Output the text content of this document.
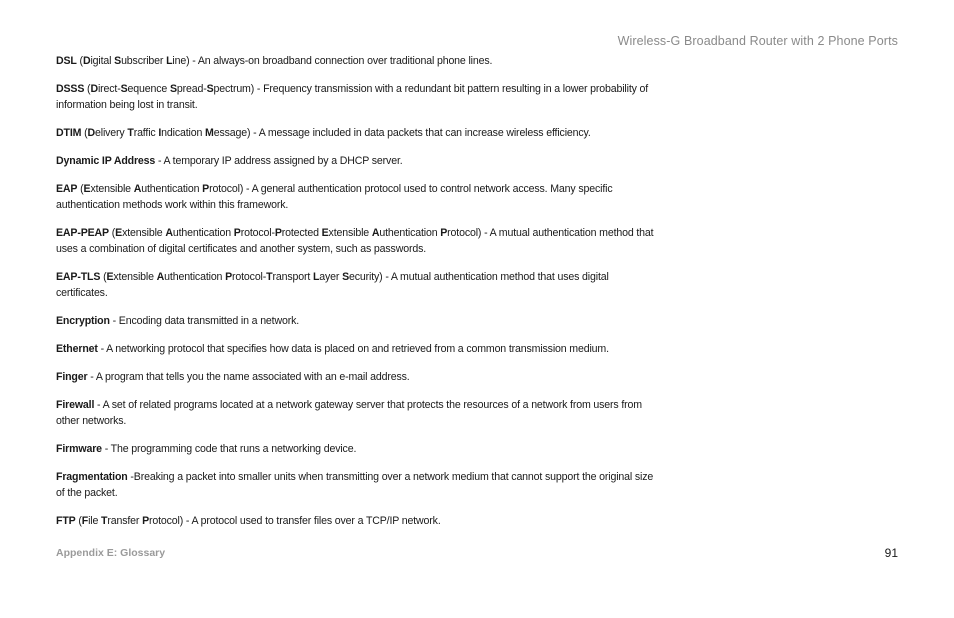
Wireless-G Broadband Router with 2 Phone Ports

DSL (Digital Subscriber Line) - An always-on broadband connection over traditional phone lines.

DSSS (Direct-Sequence Spread-Spectrum) - Frequency transmission with a redundant bit pattern resulting in a lower probability of information being lost in transit.

DTIM (Delivery Traffic Indication Message) - A message included in data packets that can increase wireless efficiency.

Dynamic IP Address - A temporary IP address assigned by a DHCP server.

EAP (Extensible Authentication Protocol) - A general authentication protocol used to control network access. Many specific authentication methods work within this framework.

EAP-PEAP (Extensible Authentication Protocol-Protected Extensible Authentication Protocol) - A mutual authentication method that uses a combination of digital certificates and another system, such as passwords.

EAP-TLS (Extensible Authentication Protocol-Transport Layer Security) - A mutual authentication method that uses digital certificates.

Encryption - Encoding data transmitted in a network.

Ethernet - A networking protocol that specifies how data is placed on and retrieved from a common transmission medium.

Finger - A program that tells you the name associated with an e-mail address.

Firewall - A set of related programs located at a network gateway server that protects the resources of a network from users from other networks.

Firmware - The programming code that runs a networking device.

Fragmentation -Breaking a packet into smaller units when transmitting over a network medium that cannot support the original size of the packet.

FTP (File Transfer Protocol) - A protocol used to transfer files over a TCP/IP network.

Appendix E: Glossary	91
